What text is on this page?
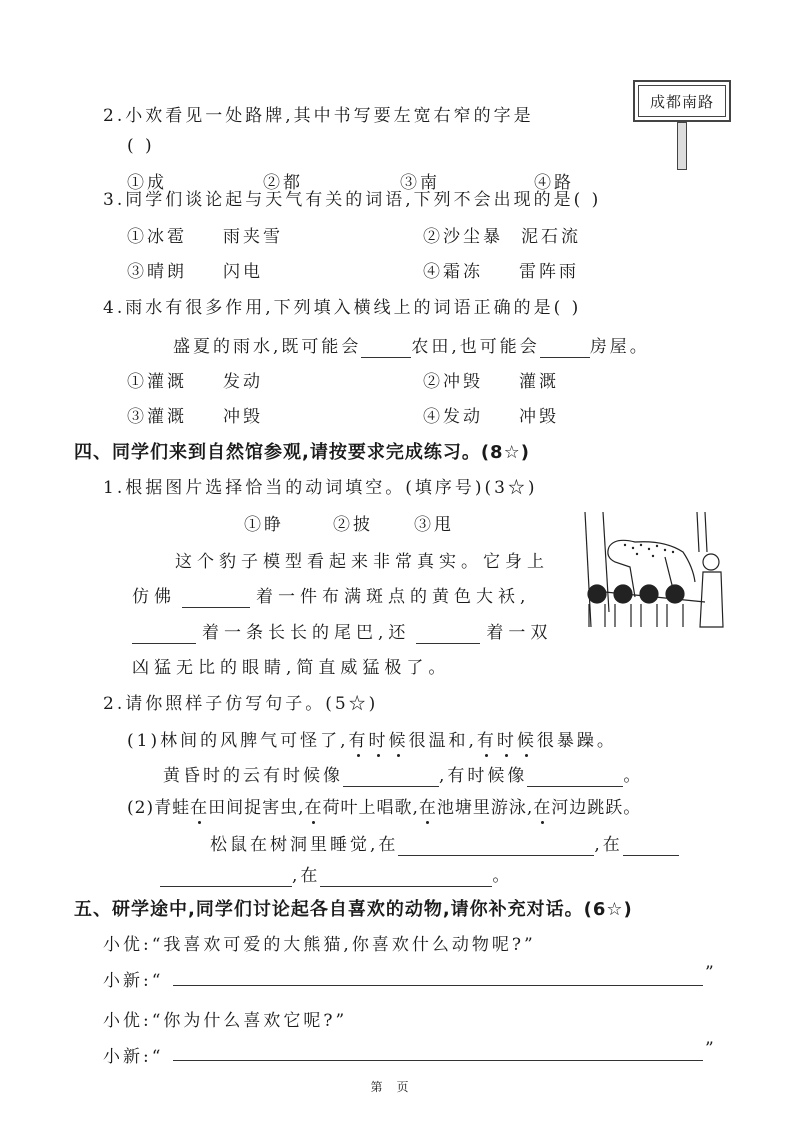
2.小欢看见一处路牌,其中书写要左宽右窄的字是
( )
①成	②都	③南	④路
成都南路
3.同学们谈论起与天气有关的词语,下列不会出现的是( )
①冰雹 雨夹雪	②沙尘暴 泥石流
③晴朗 闪电	④霜冻 雷阵雨
4.雨水有很多作用,下列填入横线上的词语正确的是( )
盛夏的雨水,既可能会	农田,也可能会	房屋。
①灌溉 发动	②冲毁 灌溉
③灌溉 冲毁	④发动 冲毁
四、同学们来到自然馆参观,请按要求完成练习。(8☆)
1.根据图片选择恰当的动词填空。(填序号)(3☆)
①睁	②披 ③甩
这个豹子模型看起来非常真实。它身上
仿佛	着一件布满斑点的黄色大袄,
着一条长长的尾巴,还	着一双
凶猛无比的眼睛,简直威猛极了。
2.请你照样子仿写句子。(5☆)
(1)林间的风脾气可怪了,有时候很温和,有时候很暴躁。
黄昏时的云有时候像	,有时候像	。
(2)青蛙在田间捉害虫,在荷叶上唱歌,在池塘里游泳,在河边跳跃。
松鼠在树洞里睡觉,在	,在
,在	。
五、研学途中,同学们讨论起各自喜欢的动物,请你补充对话。(6☆)
小优:“我喜欢可爱的大熊猫,你喜欢什么动物呢?”
小新:“	”
小优:“你为什么喜欢它呢?”
小新:“	”
第页
